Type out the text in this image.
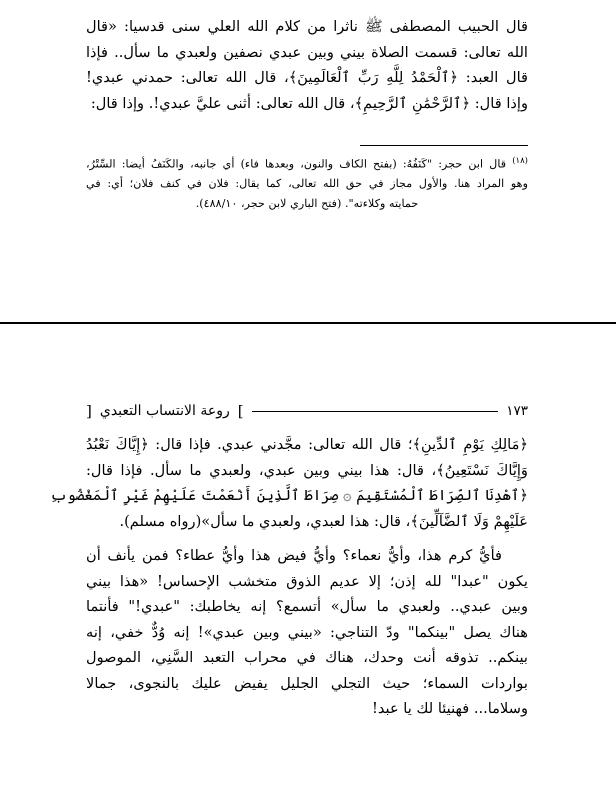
قال الحبيب المصطفى ﷺ ناثرا من كلام الله العلي سنى قدسيا: «قال
الله تعالى: قسمت الصلاة بيني وبين عبدي نصفين ولعبدي ما سأل.. فإذا
قال العبد: ﴿ٱلْحَمْدُ لِلَّهِ رَبِّ ٱلْعَالَمِينَ﴾، قال الله تعالى: حمدني عبدي!
وإذا قال: ﴿ٱلرَّحْمَٰنِ ٱلرَّحِيمِ﴾، قال الله تعالى: أثنى عليَّ عبدي!. وإذا قال:
$^{(١٨)}$ قال ابن حجر: "كَنَفُهُ: (بفتح الكاف والنون، وبعدها فاء) أي جانبه، والكَنَفُ أيضا: السِّتْرُ،
وهو المراد هنا. والأول مجاز في حق الله تعالى، كما يقال: فلان في كنف فلان؛ أي: في
حمايته وكلاءته". (فتح الباري لابن حجر، ٤٨٨/١٠).
١٧٣
]
روعة الانتساب التعبدي
[
﴿مَالِكِ يَوْمِ ٱلدِّينِ﴾؛ قال الله تعالى: مجَّدني عبدي. فإذا قال: ﴿إِيَّاكَ نَعْبُدُ
وَإِيَّاكَ نَسْتَعِينُ﴾، قال: هذا بيني وبين عبدي، ولعبدي ما سأل. فإذا قال:
﴿ٱهْدِنَا ٱلصِّرَاطَ ٱلْمُسْتَقِيمَ ۞ صِرَاطَ ٱلَّذِينَ أَنْعَمْتَ عَلَيْهِمْ غَيْرِ ٱلْمَغْضُوبِ
عَلَيْهِمْ وَلَا ٱلضَّآلِّينَ﴾، قال: هذا لعبدي، ولعبدي ما سأل»(رواه مسلم).
فأيُّ كرم هذا، وأيُّ نعماء؟ وأيُّ فيض هذا وأيُّ عطاء؟ فمن يأنف أن
يكون "عبدا" لله إذن؛ إلا عديم الذوق متخشب الإحساس! «هذا بيني
وبين عبدي.. ولعبدي ما سأل» أتسمع؟ إنه يخاطبك: "عبدي!" فأنتما
هناك يصل "بينكما" ودّ التناجي: «بيني وبين عبدي»! إنه وُدٌّ خفي، إنه
بينكم.. تذوقه أنت وحدك، هناك في محراب التعبد السَّنِي، الموصول
بواردات السماء؛ حيث التجلي الجليل يفيض عليك بالنجوى، جمالا
وسلاما... فهنيئا لك يا عبد!
